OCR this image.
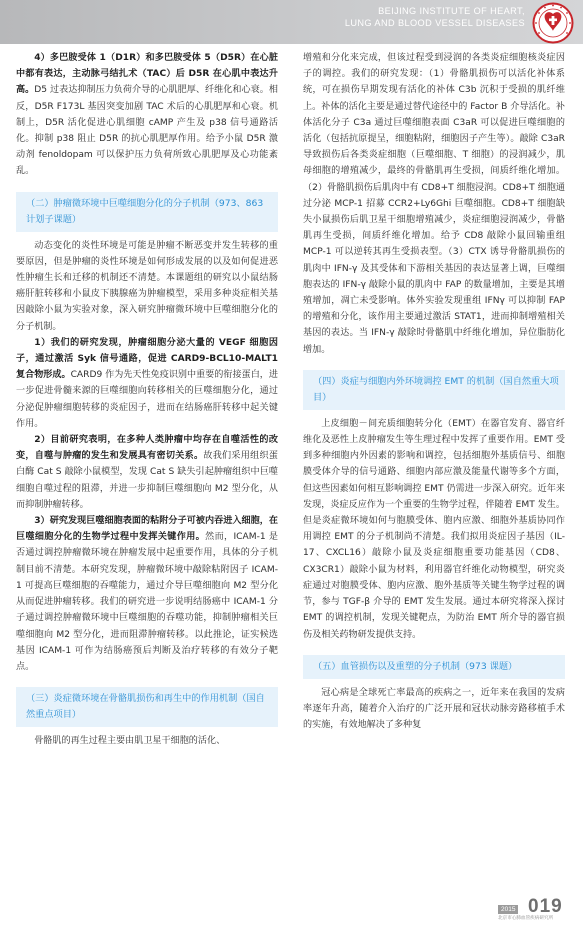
BEIJING INSTITUTE OF HEART,
LUNG AND BLOOD VESSEL DISEASES

4）多巴胺受体 1（D1R）和多巴胺受体 5（D5R）在心脏中都有表达，主动脉弓结扎术（TAC）后 D5R 在心肌中表达升高。D5 过表达抑制压力负荷介导的心肌肥厚、纤维化和心衰。相反，D5R F173L 基因突变加剧 TAC 术后的心肌肥厚和心衰。机制上，D5R 活化促进心肌细胞 cAMP 产生及 p38 信号通路活化。抑制 p38 阻止 D5R 的抗心肌肥厚作用。给予小鼠 D5R 激动剂 fenoldopam 可以保护压力负荷所致心肌肥厚及心功能紊乱。

（二）肿瘤微环境中巨噬细胞分化的分子机制（973、863 计划子课题）

动态变化的炎性环境是可能是肿瘤不断恶变并发生转移的重要原因，但是肿瘤的炎性环境是如何形成发展的以及如何促进恶性肿瘤生长和迁移的机制还不清楚。本课题组的研究以小鼠结肠癌肝脏转移和小鼠皮下胰腺癌为肿瘤模型，采用多种炎症相关基因敲除小鼠为实验对象，深入研究肿瘤微环境中巨噬细胞分化的分子机制。

1）我们的研究发现，肿瘤细胞分泌大量的 VEGF 细胞因子，通过激活 Syk 信号通路，促进 CARD9-BCL10-MALT1 复合物形成。CARD9 作为先天性免疫识别中重要的衔接蛋白，进一步促进骨髓来源的巨噬细胞向转移相关的巨噬细胞分化，通过分泌促肿瘤细胞转移的炎症因子，进而在结肠癌肝转移中起关键作用。

2）目前研究表明，在多种人类肿瘤中均存在自噬活性的改变，自噬与肿瘤的发生和发展具有密切关系。故我们采用组织蛋白酶 Cat S 敲除小鼠模型，发现 Cat S 缺失引起肿瘤组织中巨噬细胞自噬过程的阻滞，并进一步抑制巨噬细胞向 M2 型分化，从而抑制肿瘤转移。

3）研究发现巨噬细胞表面的粘附分子可被内吞进入细胞，在巨噬细胞分化的生物学过程中发挥关键作用。然而，ICAM-1 是否通过调控肿瘤微环境在肿瘤发展中起重要作用，具体的分子机制目前不清楚。本研究发现，肿瘤微环境中敲除粘附因子 ICAM-1 可提高巨噬细胞的吞噬能力，通过介导巨噬细胞向 M2 型分化从而促进肿瘤转移。我们的研究进一步说明结肠癌中 ICAM-1 分子通过调控肿瘤微环境中巨噬细胞的吞噬功能，抑制肿瘤相关巨噬细胞向 M2 型分化，进而阻滞肿瘤转移。以此推论，证实候选基因 ICAM-1 可作为结肠癌预后判断及治疗转移的有效分子靶点。

（三）炎症微环境在骨骼肌损伤和再生中的作用机制（国自然重点项目）

骨骼肌的再生过程主要由肌卫星干细胞的活化、

增殖和分化来完成，但该过程受到浸润的各类炎症细胞核炎症因子的调控。我们的研究发现：（1）骨骼肌损伤可以活化补体系统，可在损伤早期发现有活化的补体 C3b 沉积于受损的肌纤维上。补体的活化主要是通过替代途径中的 Factor B 介导活化。补体活化分子 C3a 通过巨噬细胞表面 C3aR 可以促进巨噬细胞的活化（包括抗原提呈，细胞粘附，细胞因子产生等）。敲除 C3aR 导致损伤后各类炎症细胞（巨噬细胞、T 细胞）的浸润减少，肌母细胞的增殖减少，最终的骨骼肌再生受损，间质纤维化增加。（2）骨骼肌损伤后肌肉中有 CD8+T 细胞浸润。CD8+T 细胞通过分泌 MCP-1 招募 CCR2+Ly6Ghi 巨噬细胞。CD8+T 细胞缺失小鼠损伤后肌卫星干细胞增殖减少，炎症细胞浸润减少，骨骼肌再生受损，间质纤维化增加。给予 CD8 敲除小鼠回输重组 MCP-1 可以逆转其再生受损表型。（3）CTX 诱导骨骼肌损伤的肌肉中 IFN-γ 及其受体和下游相关基因的表达显著上调，巨噬细胞表达的 IFN-γ 敲除小鼠的肌肉中 FAP 的数量增加，主要是其增殖增加，凋亡未受影响。体外实验发现重组 IFNγ 可以抑制 FAP 的增殖和分化，该作用主要通过激活 STAT1，进而抑制增殖相关基因的表达。当 IFN-γ 敲除时骨骼肌中纤维化增加，异位脂肪化增加。

（四）炎症与细胞内外环境调控 EMT 的机制（国自然重大项目）

上皮细胞－间充质细胞转分化（EMT）在器官发育、器官纤维化及恶性上皮肿瘤发生等生理过程中发挥了重要作用。EMT 受到多种细胞内外因素的影响和调控，包括细胞外基质信号、细胞膜受体介导的信号通路、细胞内部应激及能量代谢等多个方面，但这些因素如何相互影响调控 EMT 仍需进一步深入研究。近年来发现，炎症反应作为一个重要的生物学过程，伴随着 EMT 发生。但是炎症微环境如何与胞膜受体、胞内应激、细胞外基质协同作用调控 EMT 的分子机制尚不清楚。我们拟用炎症因子基因（IL-17、CXCL16）敲除小鼠及炎症细胞重要功能基因（CD8、CX3CR1）敲除小鼠为材料，利用器官纤维化动物模型，研究炎症通过对胞膜受体、胞内应激、胞外基质等关键生物学过程的调节，参与 TGF-β 介导的 EMT 发生发展。通过本研究将深入探讨 EMT 的调控机制，发现关键靶点，为防治 EMT 所介导的器官损伤及相关药物研发提供支持。

（五）血管损伤以及重塑的分子机制（973 课题）

冠心病是全球死亡率最高的疾病之一，近年来在我国的发病率逐年升高，随着介入治疗的广泛开展和冠状动脉旁路移植手术的实施，有效地解决了多种复

2015 019
北京市心肺血管疾病研究所
